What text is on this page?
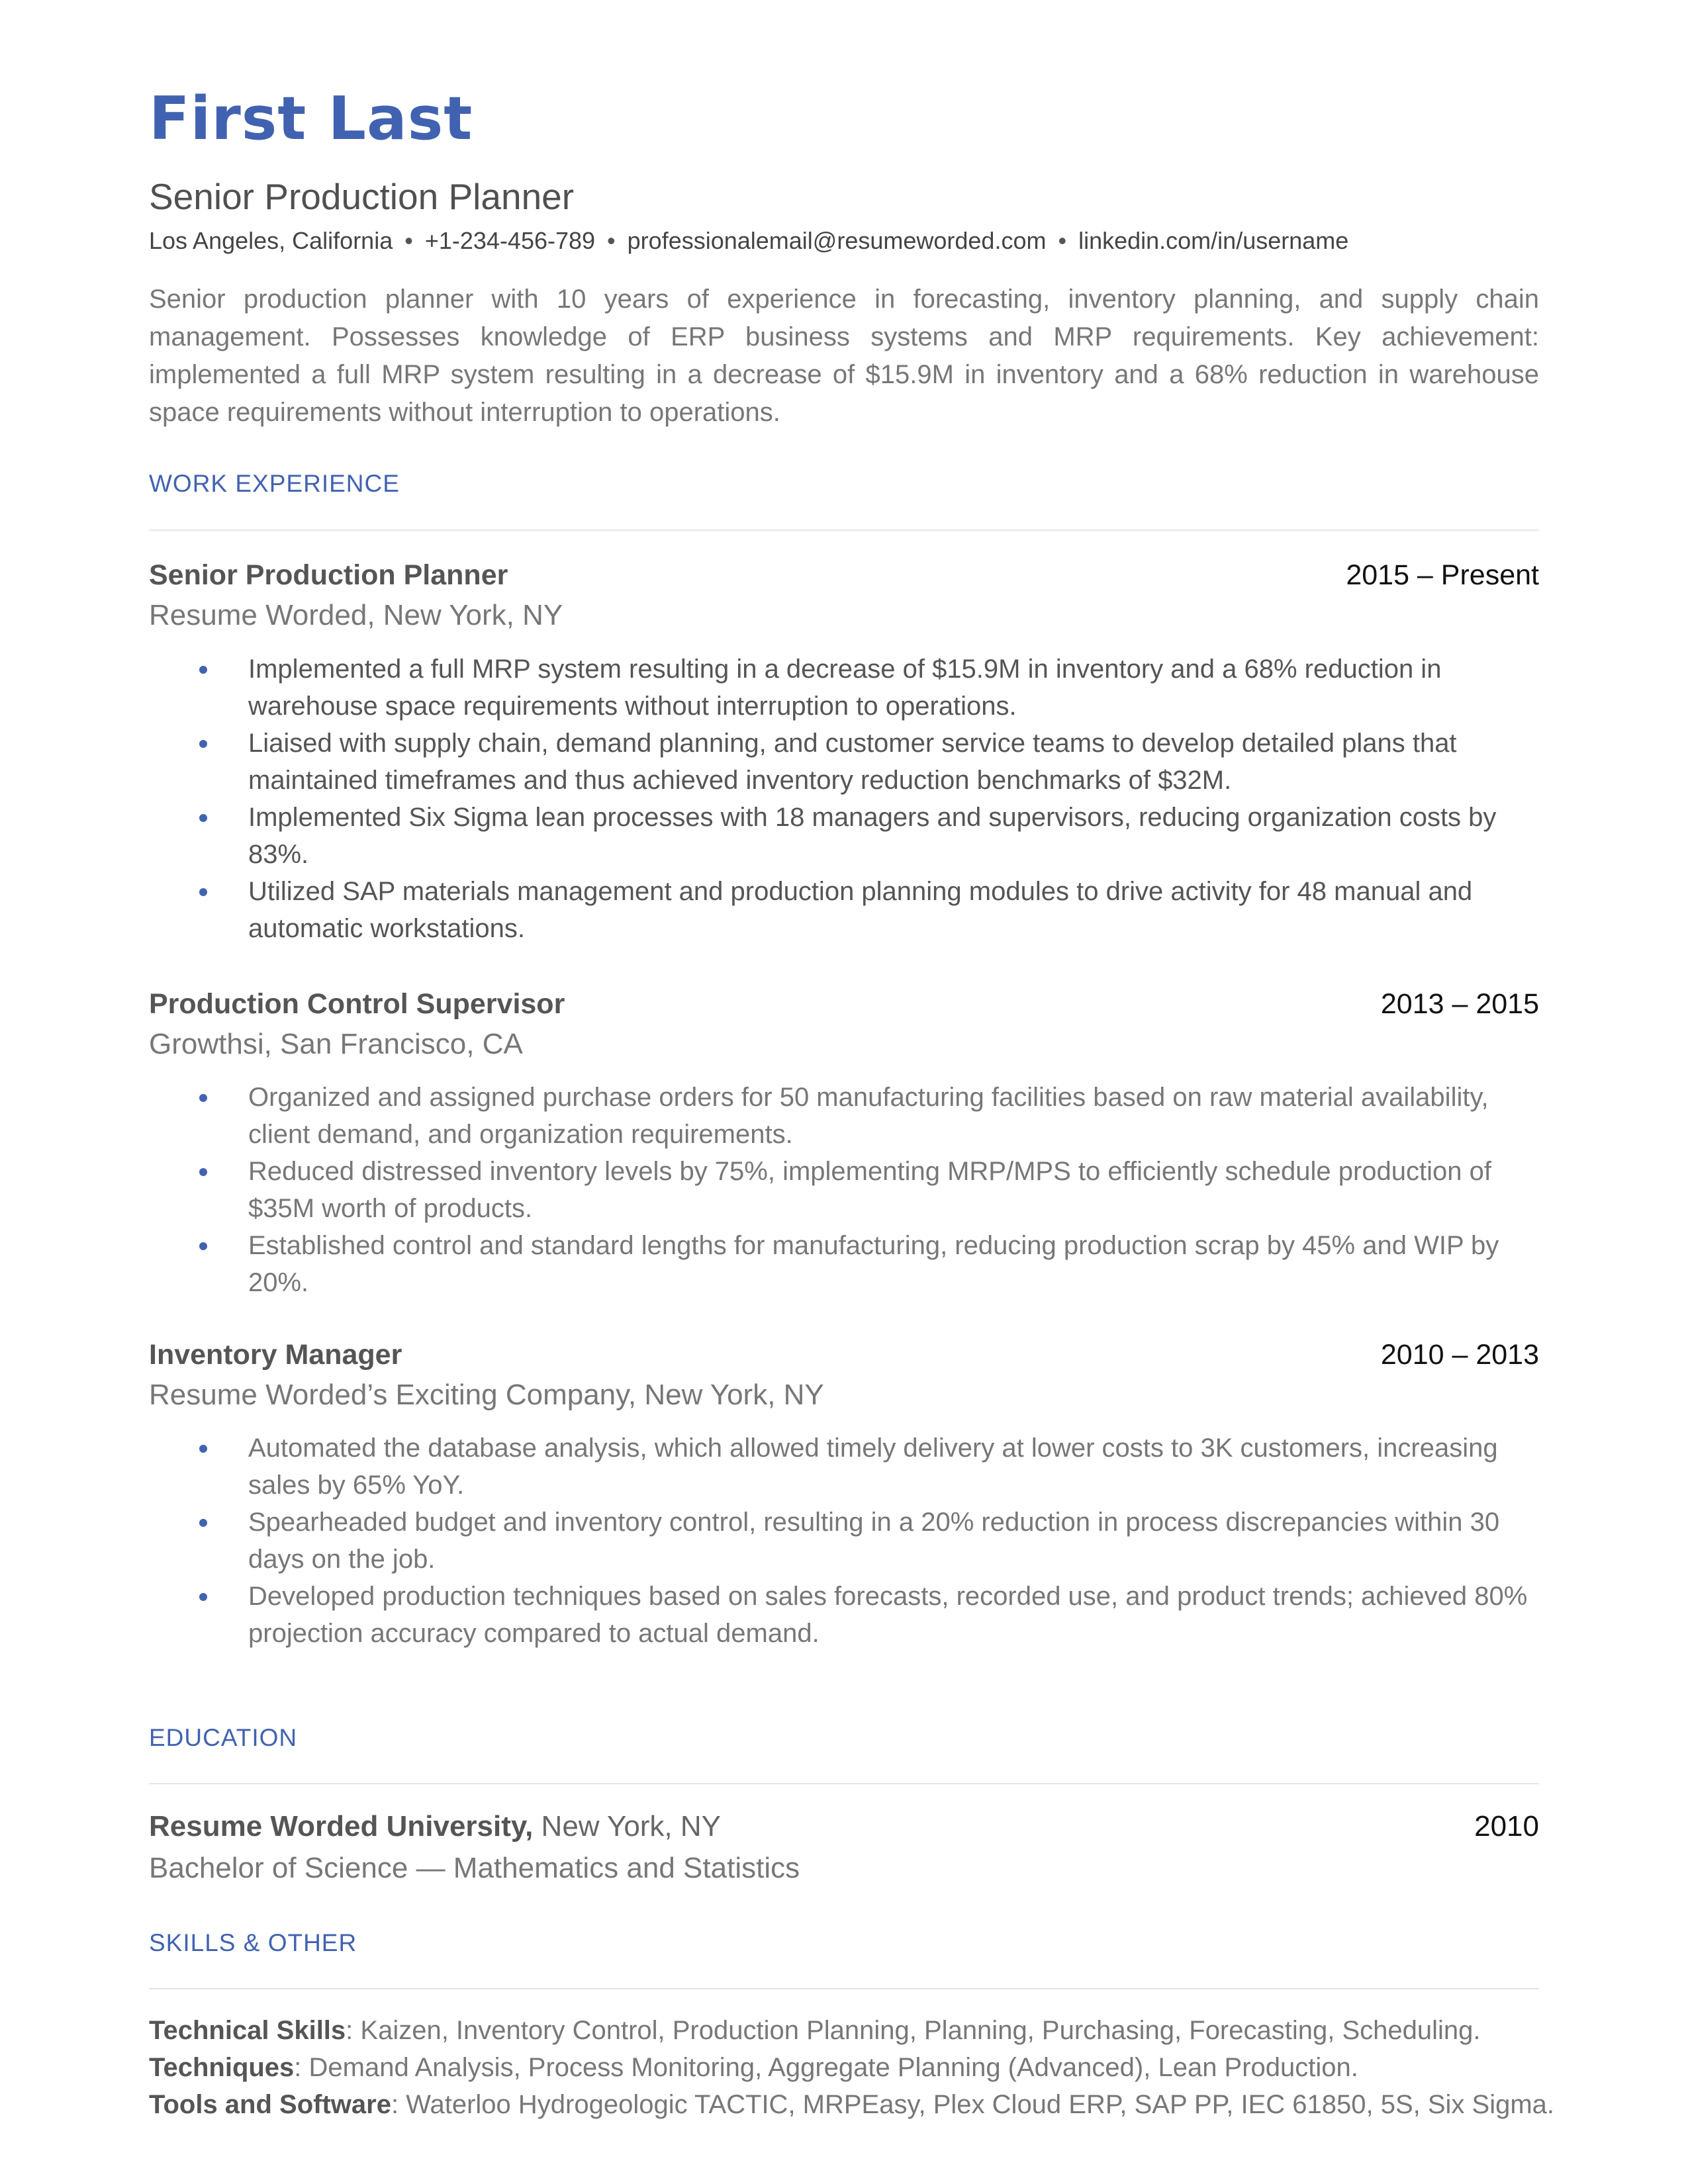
First Last
Senior Production Planner
Los Angeles, California • +1-234-456-789 • professionalemail@resumeworded.com • linkedin.com/in/username

Senior production planner with 10 years of experience in forecasting, inventory planning, and supply chain management. Possesses knowledge of ERP business systems and MRP requirements. Key achievement: implemented a full MRP system resulting in a decrease of $15.9M in inventory and a 68% reduction in warehouse space requirements without interruption to operations.

WORK EXPERIENCE
Senior Production Planner	2015 – Present
Resume Worded, New York, NY
Implemented a full MRP system resulting in a decrease of $15.9M in inventory and a 68% reduction in warehouse space requirements without interruption to operations.
Liaised with supply chain, demand planning, and customer service teams to develop detailed plans that maintained timeframes and thus achieved inventory reduction benchmarks of $32M.
Implemented Six Sigma lean processes with 18 managers and supervisors, reducing organization costs by 83%.
Utilized SAP materials management and production planning modules to drive activity for 48 manual and automatic workstations.
Production Control Supervisor	2013 – 2015
Growthsi, San Francisco, CA
Organized and assigned purchase orders for 50 manufacturing facilities based on raw material availability, client demand, and organization requirements.
Reduced distressed inventory levels by 75%, implementing MRP/MPS to efficiently schedule production of $35M worth of products.
Established control and standard lengths for manufacturing, reducing production scrap by 45% and WIP by 20%.
Inventory Manager	2010 – 2013
Resume Worded’s Exciting Company, New York, NY
Automated the database analysis, which allowed timely delivery at lower costs to 3K customers, increasing sales by 65% YoY.
Spearheaded budget and inventory control, resulting in a 20% reduction in process discrepancies within 30 days on the job.
Developed production techniques based on sales forecasts, recorded use, and product trends; achieved 80% projection accuracy compared to actual demand.
EDUCATION
Resume Worded University, New York, NY	2010
Bachelor of Science — Mathematics and Statistics
SKILLS & OTHER
Technical Skills: Kaizen, Inventory Control, Production Planning, Planning, Purchasing, Forecasting, Scheduling.
Techniques: Demand Analysis, Process Monitoring, Aggregate Planning (Advanced), Lean Production.
Tools and Software: Waterloo Hydrogeologic TACTIC, MRPEasy, Plex Cloud ERP, SAP PP, IEC 61850, 5S, Six Sigma.
